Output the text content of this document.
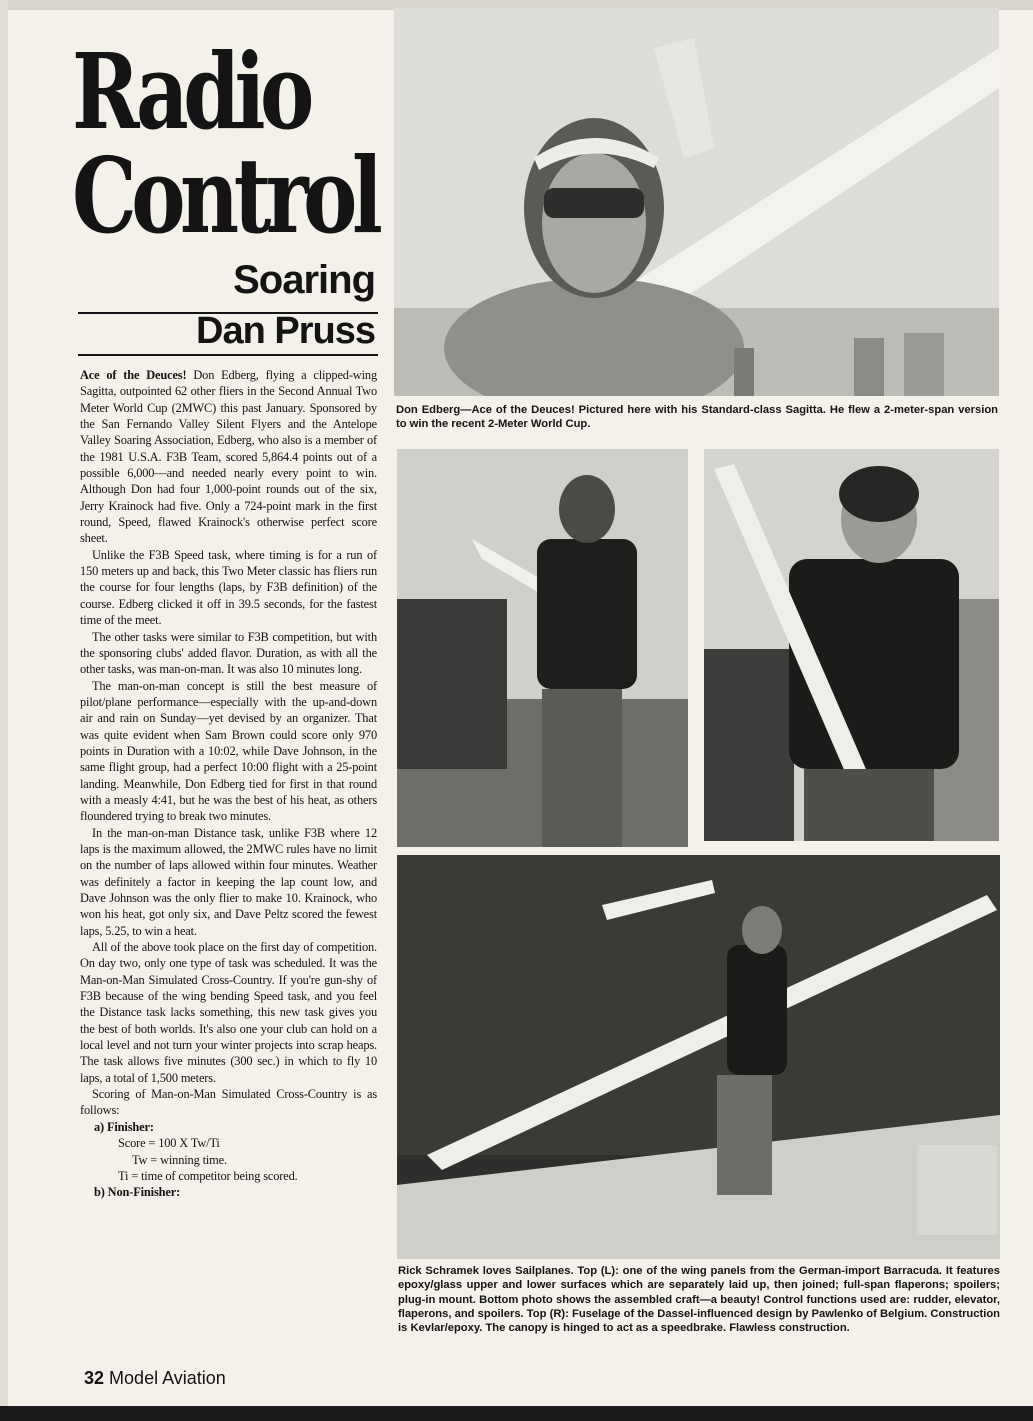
Radio
Control
Soaring
Dan Pruss

Ace of the Deuces! Don Edberg, flying a clipped-wing Sagitta, outpointed 62 other fliers in the Second Annual Two Meter World Cup (2MWC) this past January. Sponsored by the San Fernando Valley Silent Flyers and the Antelope Valley Soaring Association, Edberg, who also is a member of the 1981 U.S.A. F3B Team, scored 5,864.4 points out of a possible 6,000—and needed nearly every point to win. Although Don had four 1,000-point rounds out of the six, Jerry Krainock had five. Only a 724-point mark in the first round, Speed, flawed Krainock's otherwise perfect score sheet.

Unlike the F3B Speed task, where timing is for a run of 150 meters up and back, this Two Meter classic has fliers run the course for four lengths (laps, by F3B definition) of the course. Edberg clicked it off in 39.5 seconds, for the fastest time of the meet.

The other tasks were similar to F3B competition, but with the sponsoring clubs' added flavor. Duration, as with all the other tasks, was man-on-man. It was also 10 minutes long.

The man-on-man concept is still the best measure of pilot/plane performance—especially with the up-and-down air and rain on Sunday—yet devised by an organizer. That was quite evident when Sam Brown could score only 970 points in Duration with a 10:02, while Dave Johnson, in the same flight group, had a perfect 10:00 flight with a 25-point landing. Meanwhile, Don Edberg tied for first in that round with a measly 4:41, but he was the best of his heat, as others floundered trying to break two minutes.

In the man-on-man Distance task, unlike F3B where 12 laps is the maximum allowed, the 2MWC rules have no limit on the number of laps allowed within four minutes. Weather was definitely a factor in keeping the lap count low, and Dave Johnson was the only flier to make 10. Krainock, who won his heat, got only six, and Dave Peltz scored the fewest laps, 5.25, to win a heat.

All of the above took place on the first day of competition. On day two, only one type of task was scheduled. It was the Man-on-Man Simulated Cross-Country. If you're gun-shy of F3B because of the wing bending Speed task, and you feel the Distance task lacks something, this new task gives you the best of both worlds. It's also one your club can hold on a local level and not turn your winter projects into scrap heaps. The task allows five minutes (300 sec.) in which to fly 10 laps, a total of 1,500 meters.

Scoring of Man-on-Man Simulated Cross-Country is as follows:

a) Finisher:
Score = 100 X Tw/Ti
Tw = winning time.
Ti = time of competitor being scored.
b) Non-Finisher:
Don Edberg—Ace of the Deuces! Pictured here with his Standard-class Sagitta. He flew a 2-meter-span version to win the recent 2-Meter World Cup.
Rick Schramek loves Sailplanes. Top (L): one of the wing panels from the German-import Barracuda. It features epoxy/glass upper and lower surfaces which are separately laid up, then joined; full-span flaperons; spoilers; plug-in mount. Bottom photo shows the assembled craft—a beauty! Control functions used are: rudder, elevator, flaperons, and spoilers. Top (R): Fuselage of the Dassel-influenced design by Pawlenko of Belgium. Construction is Kevlar/epoxy. The canopy is hinged to act as a speedbrake. Flawless construction.
32 Model Aviation
